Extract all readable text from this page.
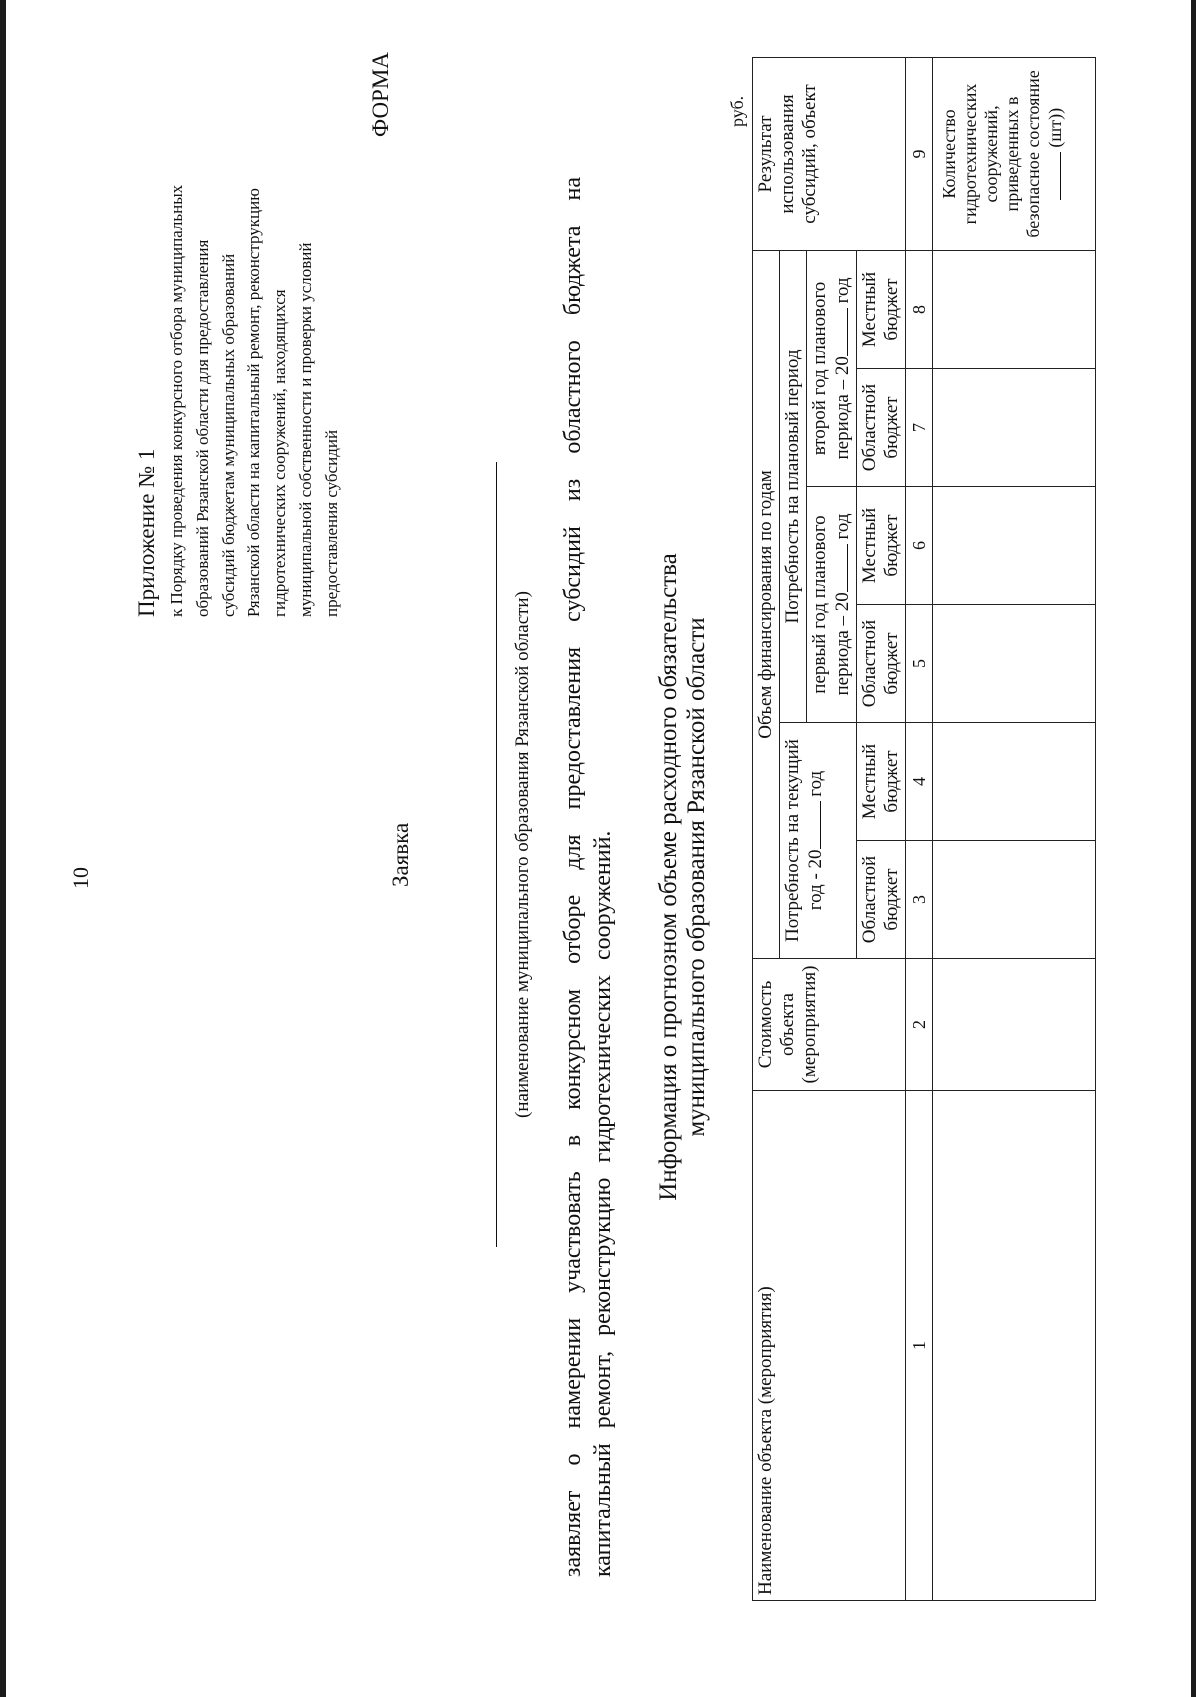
10
Приложение № 1 к Порядку проведения конкурсного отбора муниципальных образований Рязанской области для предоставления субсидий бюджетам муниципальных образований Рязанской области на капитальный ремонт, реконструкцию гидротехнических сооружений, находящихся муниципальной собственности и проверки условий предоставления субсидий
ФОРМА
Заявка	(наименование муниципального образования Рязанской области) заявляет о намерении участвовать в конкурсном отборе для предоставления субсидий из областного бюджета на капитальный ремонт, реконструкцию гидротехнических сооружений. Информация о прогнозном объеме расходного обязательства муниципального образования Рязанской области
руб.
Наименование объекта (мероприятия)	Стоимость объекта (мероприятия)	Объем финансирования по годам						Результат использования субсидий, объект
		Потребность на текущий год - 20 год		Потребность на плановый период				
				первый год планового периода – 20 год		второй год планового периода – 20 год		
		Областной бюджет	Местный бюджет	Областной бюджет	Местный бюджет	Областной бюджет	Местный бюджет	
1	2	3	4	5	6	7	8	9
								Количество гидротехнических сооружений, приведенных в безопасное состояние (шт))
